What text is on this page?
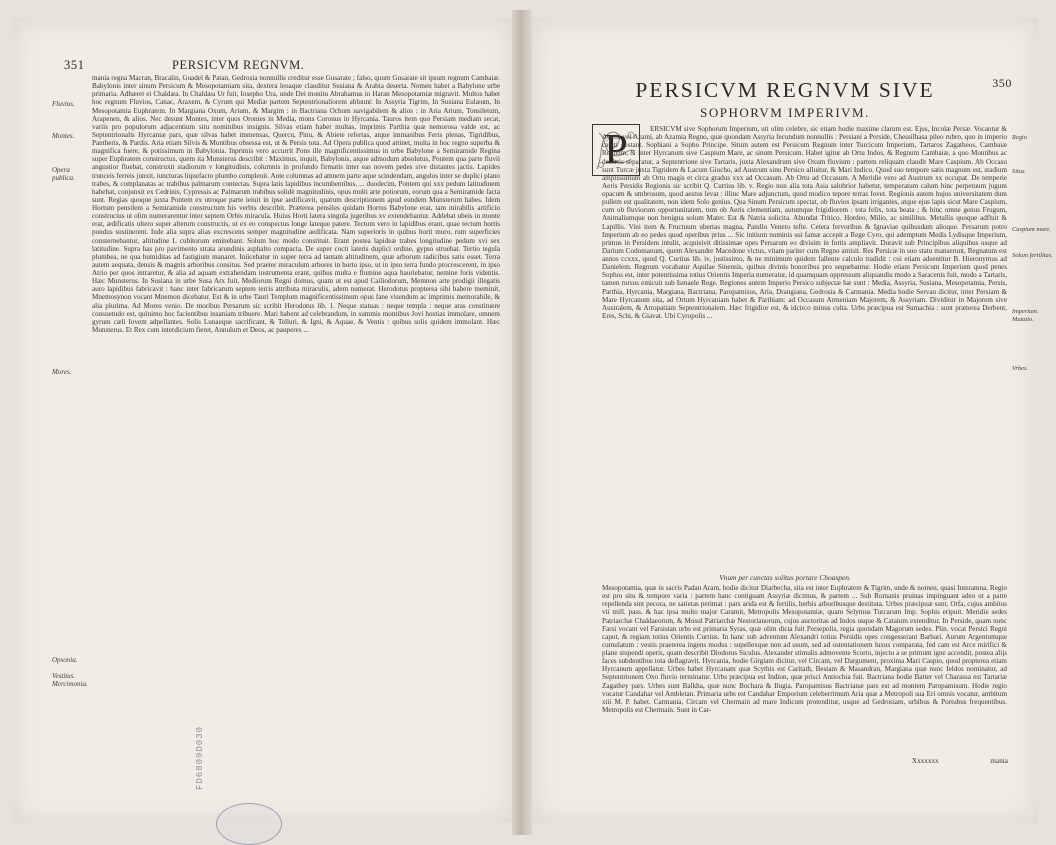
351	PERSICVM REGNVM.
Fluvius.
Montes.
Opera publica.
Mores.
Opsonia.
Vestitus. Mercimonia.
mania regna Macran, Bracalin, Guadel & Patan, Gedrosia nonnullis creditur esse Gusarate ; falso, quum Gusarate sit ipsum regnum Cambaiæ. Babylonis inter sinum Persicum & Mesopotamiam sita, dextera leuaque clauditur Susiana & Arabia deserta. Nomen habet a Babylone urbe primaria. Adhæret ei Chaldæa. In Chaldæa Ur fuit, Iosepho Ura, unde Dei monitu Abrahamus in Haran Mesopotamiæ migravit. Multos habet hoc regnum Fluvios, Canac, Araxem, & Cyrum qui Mediæ partem Septentrionaliorem abluunt: In Assyria Tigrim, In Susiana Eulæum, In Mesopotamia Euphratem. In Margiana Oxum, Arium, & Margim : in Bactriana Ochum navigabilem & alios : in Aria Arium, Tonsiletum, Arapenen, & alios. Nec desunt Montes, inter quos Orontes in Media, mons Coronus in Hyrcania. Tauros item quo Persiam mediam secat, variis pro populorum adjacentium situ nominibus insignis. Silvas etiam habet multas, imprimis Parthia quæ nemorosa valde est, ac Septentrionalis Hyrcaniæ pars, quæ silvas habet immensas, Quercu, Pinu, & Abiete refertas, atque immanibus Feris plenas, Tigridibus, Pantheris, & Pardis. Aria etiam Silvis & Montibus obsessa est, ut & Persis tota. Ad Opera publica quod attinet, multa in hoc regno superba & magnifica fuere, & potissimum in Babylonia. Inprimis vero accurrit Pons ille magnificentissimus in urbe Babylone a Semiramide Regina super Euphratem constructus, quem ita Munsterus describit : Maximus, inquit, Babylonis, atque admodum absolutus, Pontem qua parte fluvii angustior fluebat, construxit stadiorum v longitudinis, columnis in profundo firmatis inter eas novem pedes sive distantes jactis. Lapides trunceis ferreis junxit, iuncturas liquefacto plumbo compleuit. Ante columnas ad amnem parte aque scindendam, angulos inter se duplici plano trabes, & complanatas ac trabibus palmarum contectas. Supra latis lapidibus incumbentibus, ... duodecim, Pontem qui xxx pedum latitudinem habebat, conjunxit ex Cedrinis, Cypressis ac Palmarum trabibus solidè magnitudinis, opus multi arte potiorum, eorum qua a Semiramide facta sunt. Regias quoque juxta Pontem ex utroque parte ieiuit in ipse aedificavit, quarum descriptionem apud eundem Munsterum habes. Idem Hortum pensilem a Semiramide constructum his verbis describit. Præterea pensiles quidam Hortus Babylone erat, tam mirabilis artificio constructus ut olim numerarentur inter septem Orbis miracula. Huius Horti latera singula jugeribus xv extendebantur. Addebat ubeis in monte erat, ædificatis ultero super alterum constructis, ut ex eo conspectus longe lateque patere. Tectum vero in lapidibus erant, quae tectum hortis pondus sustinerent. Inde alia supra alias excrescens semper magnitudine aedificata. Nam superioris in quibus horti muro, rum superficies consternebantur, altitudine L cubitorum eminebant. Solum hoc modo constituit. Erant postea lapideæ trabes longitudine pedum xvi sex latitudine. Supra has pro pavimento strata arundinis asphalto compacta. De super cocti lateris duplici ordine, gypso struebat. Tertio tegula plumbea, ne qua humiditas ad fastigium manaret. Iniicebatur in super terra ad tantam altitudinem, quæ arborum radicibus satis esset. Terra autem aequata, densis & magnis arboribus consitus. Sed praeter miraculum arbores in horto ipso, ut in ipso terra fundo procrescerent, in ipso Atrio per quos intraretur, & alia ad aquam extrahendam instrumenta erant, quibus multa e flumine aqua hauriebatur, nemine foris videntis. Hæc Munsterus. In Susiana in urbe Susa Arx fuit, Mediorum Regni domus, quam ut est apud Cailiodorum, Memnon arte prodigii illegatis auro lapidibus fabricavit : hanc inter fabricarum septem terris attributa miraculis, adem numerat. Herodotus propterea sibi habere meminit, Mnemosynon vocant Mnemon dicebatur. Est & in urbe Tauri Templum magnificentissimum opus fane visendum ac imprimis memorabile, & alia plurima. Ad Mores venio. De moribus Persarum sic scribit Herodotus lib. 1. Neque statuas : neque templa : neque aras constituere consuetudo est, quinimo hoc facientibus insaniam tribuere. Mari habent ad celebrandum, in summis montibus Jovi hostias immolare, omnem gyrum cæli Iovem adpellantes. Solis Lunaeque sacrificant, & Telluri, & Igni, & Aquae, & Ventis : quibus solis quidem immolant. Hæc Munsterus. Et Rex cum interdicium fieret, Annulum et Deos, ac pauperes ...
FD6809D030
350
PERSICVM REGNVM SIVE
SOPHORVM IMPERIVM.
P	ERSICVM sive Sophorum Imperium, uti olim celebre, sic etiam hodie maxime clarum est. Ejus, Incolæ Persæ. Vocantur & Ayemi vel Azami, ab Azamia Regno, quæ quondam Assyria fecundum nonnullis : Persiani a Perside, Chessilbasa pileo rubro, quo in imperio capiti gestant. Sophiani a Sopho Principe. Situm autem est Persicum Regnum inter Turcicum Imperium, Tartaros Zagatheos, Cambaiæ Regnum, & inter Hyrcanum sive Caspium Mare, ac sinum Persicum. Habet igitur ab Ortu Indos, & Regnum Cambaiæ, a quo Montibus ac desertis separatur, a Septentrione sive Tartaris, juxta Alexandrum sive Oxum fluvium : partem reliquam claudit Mare Caspium. Ab Occasu sunt Turcæ juxta Tigridem & Lacum Giocho, ad Austrum sinu Persico alluitur, & Mari Indico. Quod suo tempore satis magnum est, stadium amplissimum ab Ortu magis et circa gradus xxx ad Occasum. Ab Ortu ad Occasum. A Meridie vero ad Austrum xx occupat. De temperie Aeris Persidis Regionis sic scribit Q. Curtius lib. v. Regio non alia tota Asia salubrior habetur, temperatum calum hinc perpetuum jugum opacum & umbrosum, quod aestus levat : illinc Mare adjunctum, quod modico tepore terras fovet. Regionis autem hujus universitatem dum pullem est qualitatem, non idem Solo genius. Qua Sinum Persicum spectat, ob fluvios ipsam irrigantes, atque ejus lapis sicut Mare Caspium, cum ob fluviorum opportunitatem, tum ob Aeris clementiam, autumque frigidiorem : tota felix, tota beata ; & hinc omne genus Frugum, Animaliumque non benigna solum Mater. Est & Natria solicita. Abundat Tritico. Hordeo, Milio, ac similibus. Metallis quoque adfluit & Lapillis. Vini item & Fructuum ubertas magna, Patullo Veneto tefte. Cetera fervoribus & Ignaviae quibusdam alioque. Persarum potro Imperium ab eo pedes quod operibus prius ... Sic initium nominis sui famæ accepit a Rege Cyro, qui ademptum Medis Lydisque Imperium, primus in Persidem intulit, acquisivit ditissimae opes Persarum eo divisim in fortis ampliavit. Duravit sub Principibus aliquibus usque ad Darium Codomanum, quem Alexander Macedone victus, vitam pariter cum Regno amisit. Res Persicæ in suo statu manserunt, Regnatum est annos ccxxx, quod Q. Curtius lib. iv, justissimo, & ne minimum quidem fallente calculo tradidit : cui etiam adsentitur B. Hieronymus ad Danielem. Regnum vocabatur Aquilae Sinensis, quibus divinis honoribus pro sequebantur. Hodie etiam Persicum Imperium quod penes Sophos est, inter potentissima totius Orientis Imperia numeratur, id quamquam oppressum aliquandiu modo a Saracenis fuit, modo a Tartaris, tamen rursus emicuit sub Ismaele Rege. Regiones autem Imperio Persico subjectæ hæ sunt : Media, Assyria, Susiana, Mesopotamia, Persis, Parthia, Hyrcania, Margiana, Bactriana, Paropamisus, Aria, Drangiana, Gedrosia & Carmania. Media hodie Servan dicitur, inter Persiam & Mare Hyrcanum sita, ad Ortum Hyrcaniam habet & Parthiam: ad Occasum Armeniam Majorem, & Assyriam. Dividitur in Majorem sive Australem, & Atropatiam Septentrionalem. Hæc frigidior est, & idcirco minus culta. Urbs præcipua est Sumachia : sunt præterea Derbent, Eres, Schi, & Giavat. Ubi Cyropolis ...
Vnum per cunctas solitus portare Choaspen.
Mesopotamia, quæ in sacris Padan Aram, hodie dicitur Diarbecha, sita est inter Euphratem & Tigrim, unde & nomen, quasi Interamna. Regio est pro situ & tempore varia : partem hanc contiguam Assyriæ dicimus, & partem ... Sub Romanis pruinas impinguant adeo ut a patre repellenda sint pecora, ne satietas perimat : pars arida est & fertilis, herbis arboribusque destituta. Urbes præcipuæ sunt, Orfa, cujus ambitus vii mill. pass. & hac ipsa multo major Caramit, Metropolis Mesopotamiæ, quam Selymus Turcarum Imp. Sophis eripuit. Meridie sedes Patriarchæ Chaldaeorum, & Mosul Patriarchæ Nestorianorum, cujus auctoritas ad Indos usque & Cataium extenditur. In Perside, quam nunc Farsi vocant vel Farsistan urbs est primaria Syras, quæ olim dicta fuit Persepolis, regia quondam Magorum sedes. Plin. vocat Persici Regni caput, & regiam totius Orientis Curtius. In hanc sub adventum Alexandri totius Persidis opes congesserant Barbari. Aurum Argentumque cumulatum : vestis praeterea ingens modus : supellexque non ad usum, sed ad ostentationem luxus comparata, fed cam est Arce mirifici & plane stupendi operis, quam describit Diodorus Siculus. Alexander stimulis admovente Scorto, injecto a se primum igne accendit, postea alijs faces subdentibus tota deflagravit. Hyrcania, hodie Girgiam dicitur, vel Circam, vel Dargument, proxima Mari Caspio, quod propterea etiam Hyrcanum appellatur. Urbes habet Hyrcanam quæ Scythis est Caritath, Bestam & Masandran, Margiana quæ nunc Ieldos nominatur, ad Septentrionem Oxo fluvio terminatur. Urbs præcipua est Indion, quæ prisci Antiochia fuit. Bactriana hodie Batter vel Charassa est Tartariæ Zagathey pars. Urbes sunt Balkha, quæ nunc Bochara & Ilugia. Paropamisus Bactrianæ pars est ad montem Paropamisum. Hodie regio vocatur Candahar vel Ambletan. Primaria urbs est Candahar Emporium celeberrimum Aria quæ a Metropoli sua Eri omnis vocatur, ambitum xiii M. P. habet. Carmania, Circam vel Chermain ad mare Indicum protenditur, usque ad Gedrosiam, urbibus & Portubus frequentibus. Metropolis est Chermain. Sunt in Car-
Xxxxxxx mania
Regio
Situs.
Caspium mare.
Solum fertilitas.
Imperium. Mutatio.
Vrbes.
